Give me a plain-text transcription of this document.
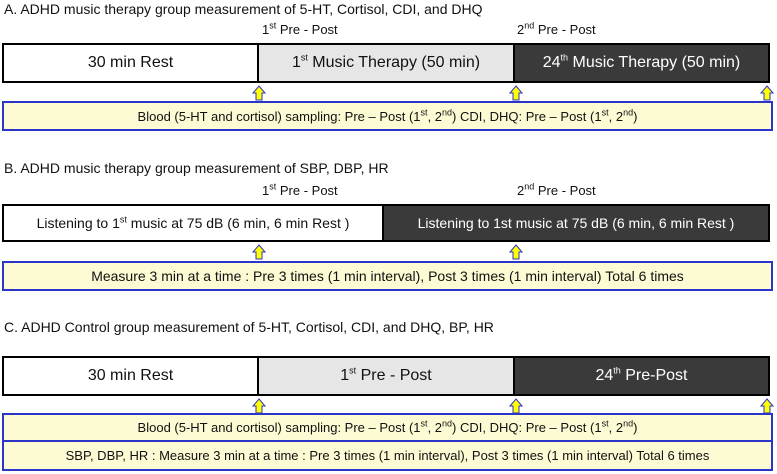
A. ADHD music therapy group measurement of 5-HT, Cortisol, CDI, and DHQ
1st Pre - Post	2nd Pre - Post
30 min Rest	1st Music Therapy (50 min)	24th Music Therapy (50 min)
Blood (5-HT and cortisol) sampling: Pre – Post (1st, 2nd) CDI, DHQ: Pre – Post (1st, 2nd)
B. ADHD music therapy group measurement of SBP, DBP, HR
1st Pre - Post	2nd Pre - Post
Listening to 1st music at 75 dB (6 min, 6 min Rest )	Listening to 1st music at 75 dB (6 min, 6 min Rest )
Measure 3 min at a time : Pre 3 times (1 min interval), Post 3 times (1 min interval) Total 6 times
C. ADHD Control group measurement of 5-HT, Cortisol, CDI, and DHQ, BP, HR
30 min Rest	1st Pre - Post	24th Pre-Post
Blood (5-HT and cortisol) sampling: Pre – Post (1st, 2nd) CDI, DHQ: Pre – Post (1st, 2nd)
SBP, DBP, HR : Measure 3 min at a time : Pre 3 times (1 min interval), Post 3 times (1 min interval) Total 6 times
